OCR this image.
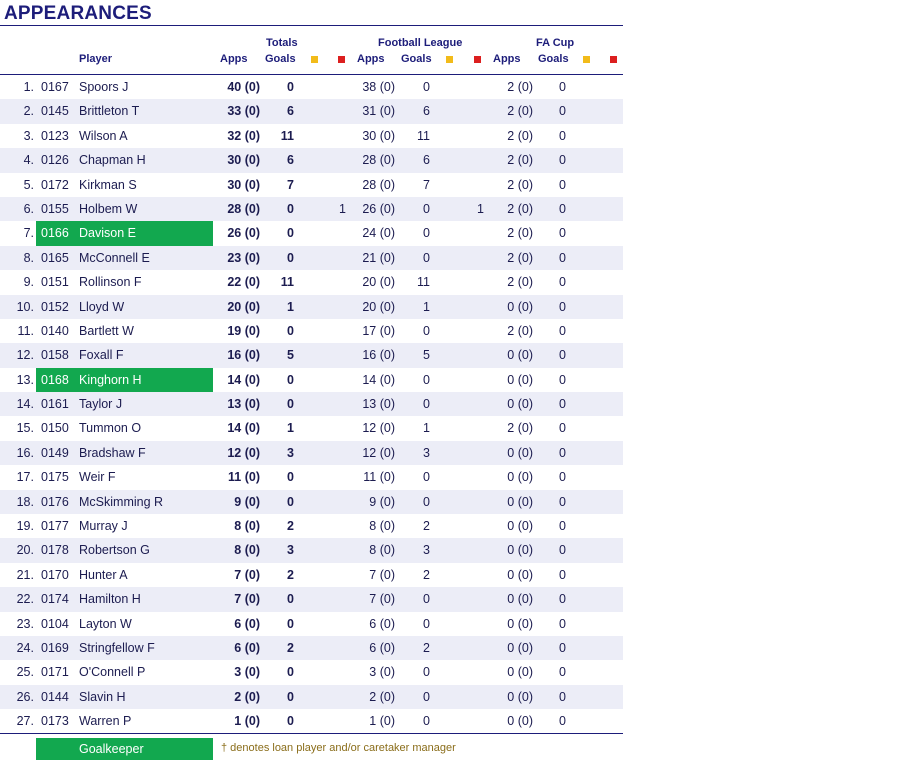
APPEARANCES
Totals	Football League	FA Cup
Player	Apps Goals	Apps Goals	Apps Goals
1. 0167 Spoors J	40 (0)	0	38 (0)	0	2 (0)	0
2. 0145 Brittleton T	33 (0)	6	31 (0)	6	2 (0)	0
3. 0123 Wilson A	32 (0)	11	30 (0) 11	2 (0)	0
4. 0126 Chapman H	30 (0)	6	28 (0)	6	2 (0)	0
5. 0172 Kirkman S	30 (0)	7	28 (0)	7	2 (0)	0
6. 0155 Holbem W	28 (0)	0	1	26 (0)	0	1	2 (0)	0
7. 0166 Davison E	26 (0)	0	24 (0)	0	2 (0)	0
8. 0165 McConnell E	23 (0)	0	21 (0)	0	2 (0)	0
9. 0151 Rollinson F	22 (0)	11	20 (0) 11	2 (0)	0
10. 0152 Lloyd W	20 (0)	1	20 (0)	1	0 (0)	0
11. 0140 Bartlett W	19 (0)	0	17 (0)	0	2 (0)	0
12. 0158 Foxall F	16 (0)	5	16 (0)	5	0 (0)	0
13. 0168 Kinghorn H	14 (0)	0	14 (0)	0	0 (0)	0
14. 0161 Taylor J	13 (0)	0	13 (0)	0	0 (0)	0
15. 0150 Tummon O	14 (0)	1	12 (0)	1	2 (0)	0
16. 0149 Bradshaw F	12 (0)	3	12 (0)	3	0 (0)	0
17. 0175 Weir F	11 (0)	0	11 (0)	0	0 (0)	0
18. 0176 McSkimming R	9 (0)	0	9 (0)	0	0 (0)	0
19. 0177 Murray J	8 (0)	2	8 (0)	2	0 (0)	0
20. 0178 Robertson G	8 (0)	3	8 (0)	3	0 (0)	0
21. 0170 Hunter A	7 (0)	2	7 (0)	2	0 (0)	0
22. 0174 Hamilton H	7 (0)	0	7 (0)	0	0 (0)	0
23. 0104 Layton W	6 (0)	0	6 (0)	0	0 (0)	0
24. 0169 Stringfellow F	6 (0)	2	6 (0)	2	0 (0)	0
25. 0171 O'Connell P	3 (0)	0	3 (0)	0	0 (0)	0
26. 0144 Slavin H	2 (0)	0	2 (0)	0	0 (0)	0
27. 0173 Warren P	1 (0)	0	1 (0)	0	0 (0)	0
Goalkeeper	† denotes loan player and/or caretaker manager
